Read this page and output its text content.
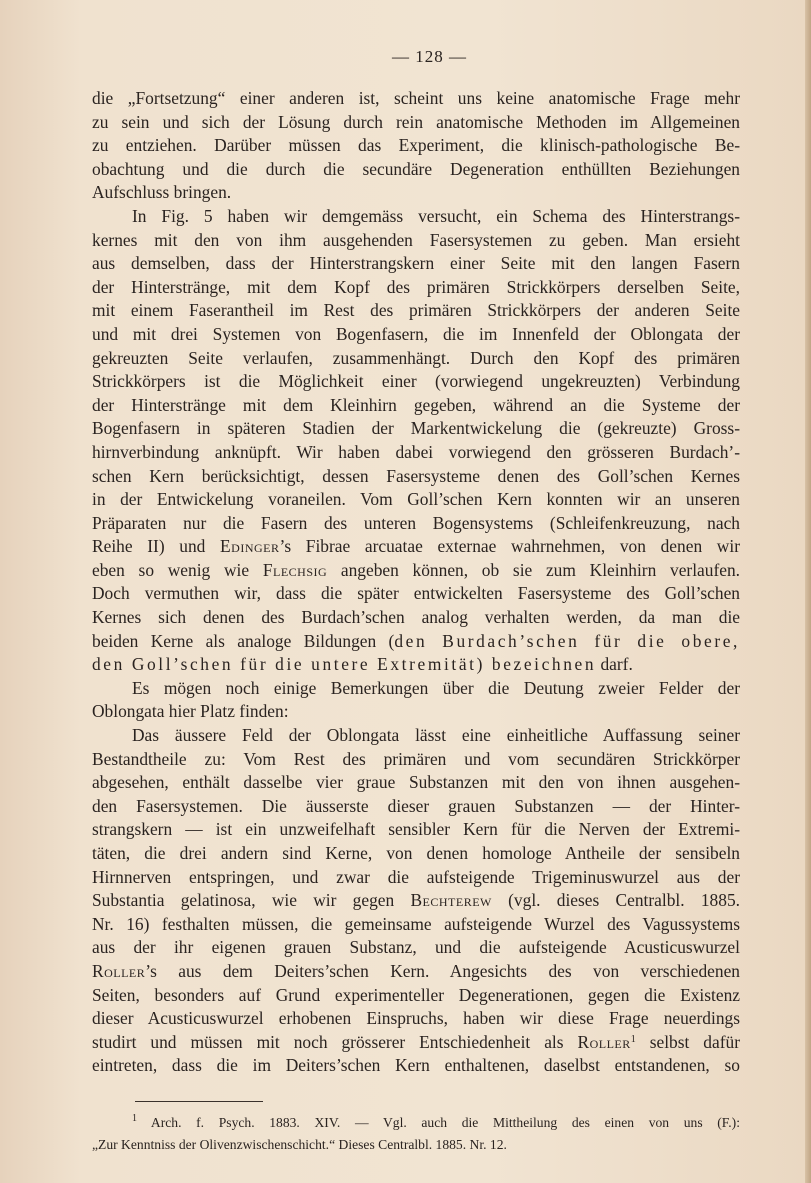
— 128 —
die „Fortsetzung“ einer anderen ist, scheint uns keine anatomische Frage mehr
zu sein und sich der Lösung durch rein anatomische Methoden im Allgemeinen
zu entziehen. Darüber müssen das Experiment, die klinisch-pathologische Be-
obachtung und die durch die secundäre Degeneration enthüllten Beziehungen
Aufschluss bringen.
In Fig. 5 haben wir demgemäss versucht, ein Schema des Hinterstrangs-
kernes mit den von ihm ausgehenden Fasersystemen zu geben. Man ersieht
aus demselben, dass der Hinterstrangskern einer Seite mit den langen Fasern
der Hinterstränge, mit dem Kopf des primären Strickkörpers derselben Seite,
mit einem Faserantheil im Rest des primären Strickkörpers der anderen Seite
und mit drei Systemen von Bogenfasern, die im Innenfeld der Oblongata der
gekreuzten Seite verlaufen, zusammenhängt. Durch den Kopf des primären
Strickkörpers ist die Möglichkeit einer (vorwiegend ungekreuzten) Verbindung
der Hinterstränge mit dem Kleinhirn gegeben, während an die Systeme der
Bogenfasern in späteren Stadien der Markentwickelung die (gekreuzte) Gross-
hirnverbindung anknüpft. Wir haben dabei vorwiegend den grösseren Burdach’-
schen Kern berücksichtigt, dessen Fasersysteme denen des Goll’schen Kernes
in der Entwickelung voraneilen. Vom Goll’schen Kern konnten wir an unseren
Präparaten nur die Fasern des unteren Bogensystems (Schleifenkreuzung, nach
Reihe II) und Edinger’s Fibrae arcuatae externae wahrnehmen, von denen wir
eben so wenig wie Flechsig angeben können, ob sie zum Kleinhirn verlaufen.
Doch vermuthen wir, dass die später entwickelten Fasersysteme des Goll’schen
Kernes sich denen des Burdach’schen analog verhalten werden, da man die
beiden Kerne als analoge Bildungen (den Burdach’schen für die obere,
den Goll’schen für die untere Extremität) bezeichnen darf.
Es mögen noch einige Bemerkungen über die Deutung zweier Felder der
Oblongata hier Platz finden:
Das äussere Feld der Oblongata lässt eine einheitliche Auffassung seiner
Bestandtheile zu: Vom Rest des primären und vom secundären Strickkörper
abgesehen, enthält dasselbe vier graue Substanzen mit den von ihnen ausgehen-
den Fasersystemen. Die äusserste dieser grauen Substanzen — der Hinter-
strangskern — ist ein unzweifelhaft sensibler Kern für die Nerven der Extremi-
täten, die drei andern sind Kerne, von denen homologe Antheile der sensibeln
Hirnnerven entspringen, und zwar die aufsteigende Trigeminuswurzel aus der
Substantia gelatinosa, wie wir gegen Bechterew (vgl. dieses Centralbl. 1885.
Nr. 16) festhalten müssen, die gemeinsame aufsteigende Wurzel des Vagussystems
aus der ihr eigenen grauen Substanz, und die aufsteigende Acusticuswurzel
Roller’s aus dem Deiters’schen Kern. Angesichts des von verschiedenen
Seiten, besonders auf Grund experimenteller Degenerationen, gegen die Existenz
dieser Acusticuswurzel erhobenen Einspruchs, haben wir diese Frage neuerdings
studirt und müssen mit noch grösserer Entschiedenheit als Roller$^1$ selbst dafür
eintreten, dass die im Deiters’schen Kern enthaltenen, daselbst entstandenen, so
$^1$ Arch. f. Psych. 1883. XIV. — Vgl. auch die Mittheilung des einen von uns (F.):
„Zur Kenntniss der Olivenzwischenschicht.“ Dieses Centralbl. 1885. Nr. 12.
